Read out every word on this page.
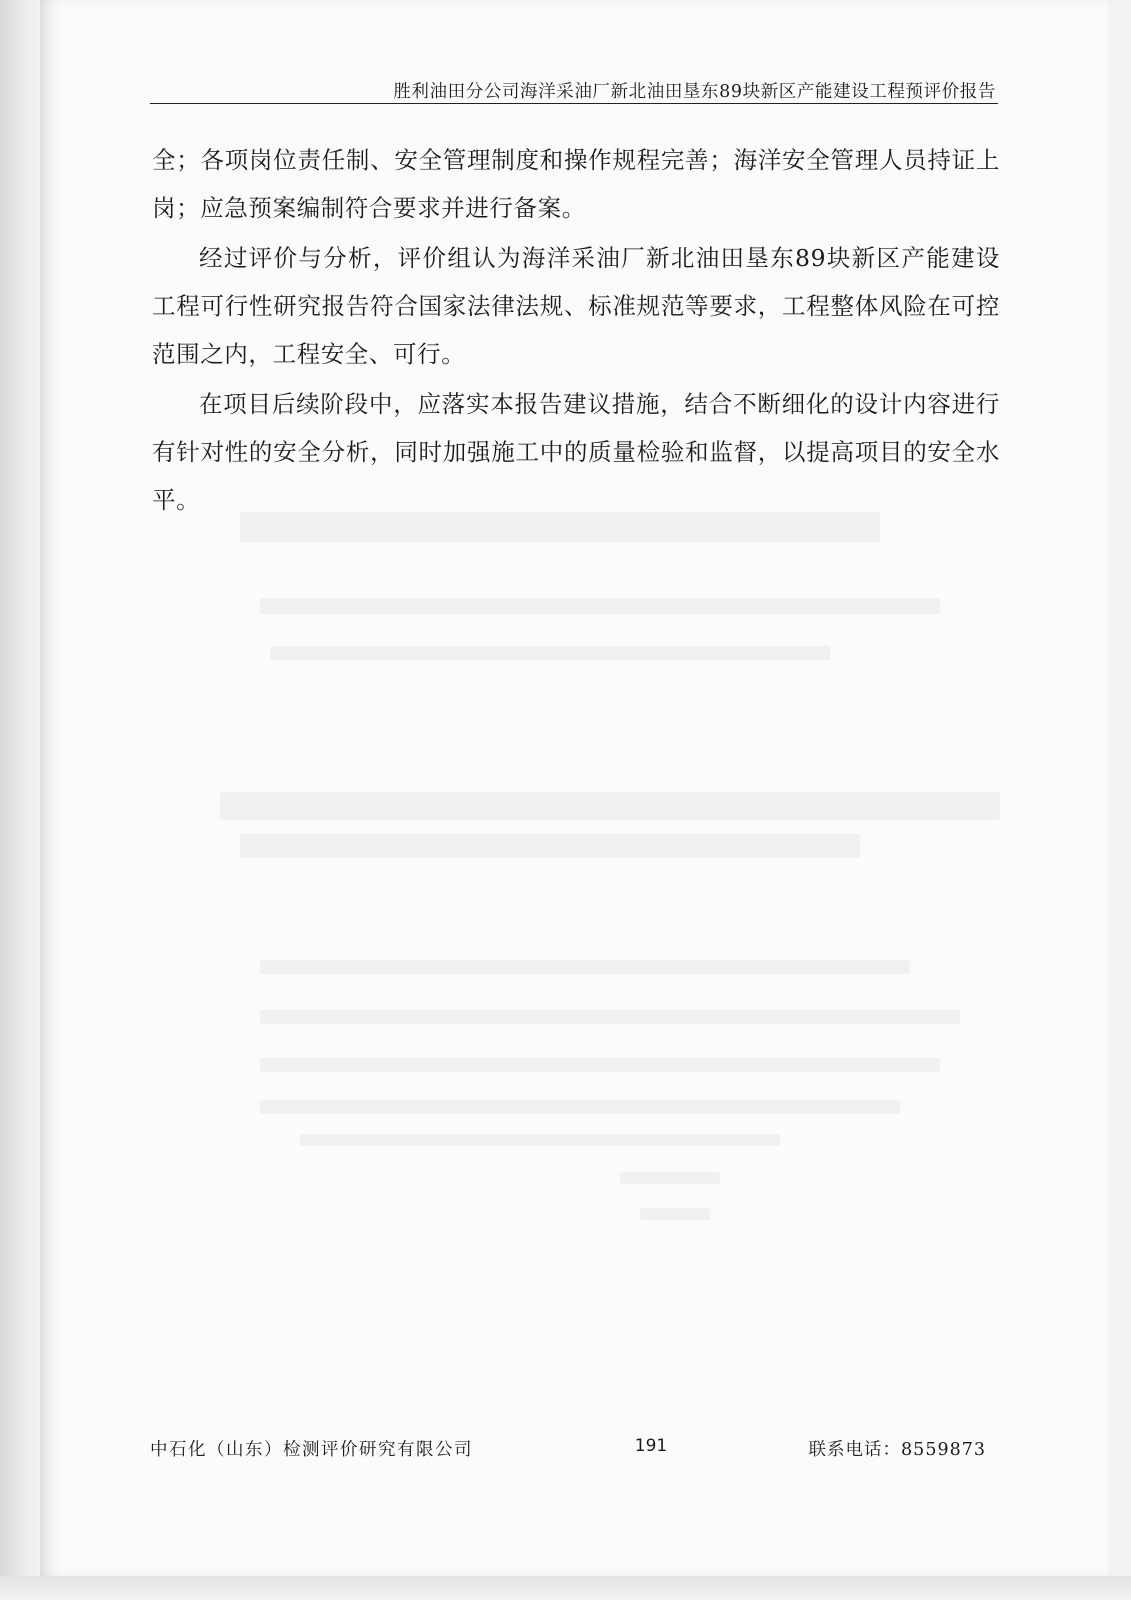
胜利油田分公司海洋采油厂新北油田垦东89块新区产能建设工程预评价报告

全；各项岗位责任制、安全管理制度和操作规程完善；海洋安全管理人员持证上岗；应急预案编制符合要求并进行备案。

经过评价与分析，评价组认为海洋采油厂新北油田垦东89块新区产能建设工程可行性研究报告符合国家法律法规、标准规范等要求，工程整体风险在可控范围之内，工程安全、可行。

在项目后续阶段中，应落实本报告建议措施，结合不断细化的设计内容进行有针对性的安全分析，同时加强施工中的质量检验和监督，以提高项目的安全水平。

中石化（山东）检测评价研究有限公司	191	联系电话：8559873
